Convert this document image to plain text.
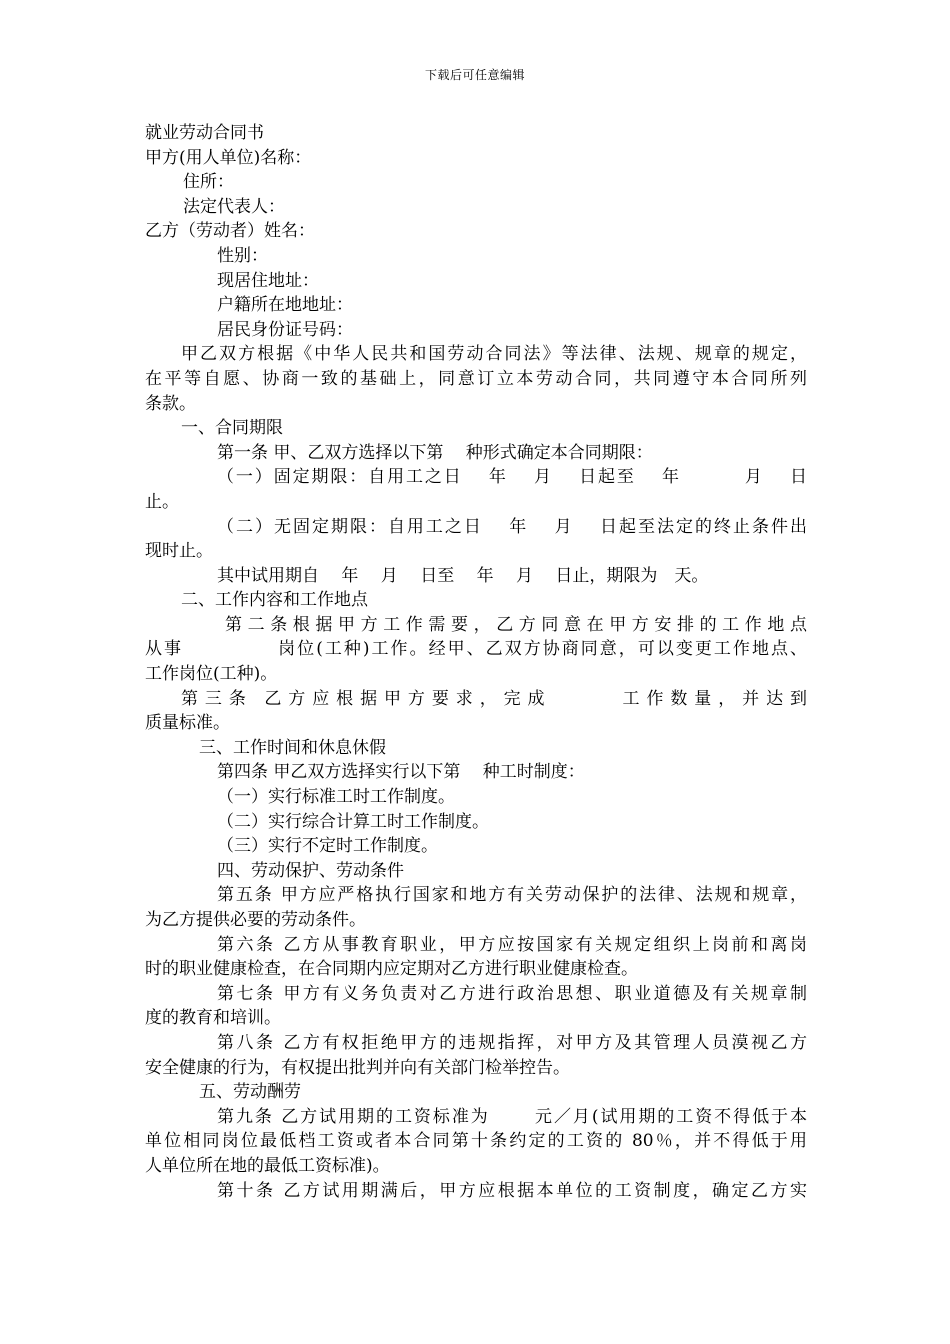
下载后可任意编辑
就业劳动合同书
甲方(用人单位)名称：
住所：
法定代表人：
乙方（劳动者）姓名：
性别：
现居住地址：
户籍所在地地址：
居民身份证号码：
甲乙双方根据《中华人民共和国劳动合同法》等法律、法规、规章的规定，
在平等自愿、协商一致的基础上，同意订立本劳动合同，共同遵守本合同所列
条款。
一、合同期限
第一条 甲、乙双方选择以下第　 种形式确定本合同期限：
（一）固定期限：自用工之日　 年　 月　 日起至　 年　　　 月　 日
止。
（二）无固定期限：自用工之日　 年　 月　 日起至法定的终止条件出
现时止。
其中试用期自　 年　 月　 日至　 年　 月　 日止，期限为　天。
二、工作内容和工作地点
第 二 条 根 据 甲 方 工 作 需 要 ， 乙 方 同 意 在 甲 方 安 排 的 工 作 地 点
从事　　　　　岗位(工种)工作。经甲、乙双方协商同意，可以变更工作地点、
工作岗位(工种)。
第 三 条　乙 方 应 根 据 甲 方 要 求 ， 完 成　　　　 工 作 数 量 ， 并 达 到
质量标准。
三、工作时间和休息休假
第四条 甲乙双方选择实行以下第　 种工时制度：
（一）实行标准工时工作制度。
（二）实行综合计算工时工作制度。
（三）实行不定时工作制度。
四、劳动保护、劳动条件
第五条 甲方应严格执行国家和地方有关劳动保护的法律、法规和规章，
为乙方提供必要的劳动条件。
第六条 乙方从事教育职业，甲方应按国家有关规定组织上岗前和离岗
时的职业健康检查，在合同期内应定期对乙方进行职业健康检查。
第七条 甲方有义务负责对乙方进行政治思想、职业道德及有关规章制
度的教育和培训。
第八条 乙方有权拒绝甲方的违规指挥，对甲方及其管理人员漠视乙方
安全健康的行为，有权提出批判并向有关部门检举控告。
五、劳动酬劳
第九条 乙方试用期的工资标准为　　 元／月(试用期的工资不得低于本
单位相同岗位最低档工资或者本合同第十条约定的工资的 80％，并不得低于用
人单位所在地的最低工资标准)。
第十条 乙方试用期满后，甲方应根据本单位的工资制度，确定乙方实
